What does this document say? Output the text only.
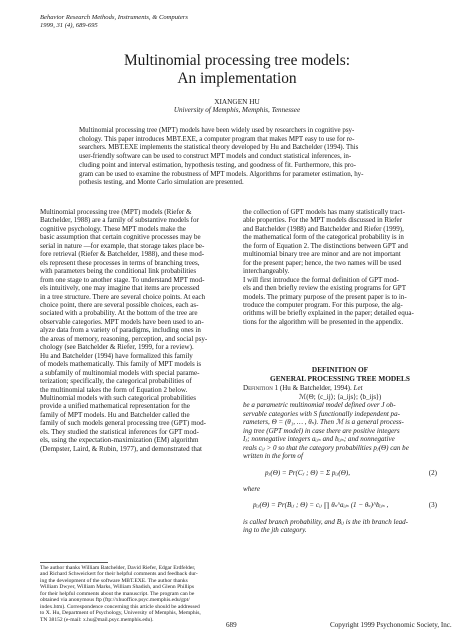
Behavior Research Methods, Instruments, & Computers
1999, 31 (4), 689-695
Multinomial processing tree models:
An implementation
XIANGEN HU
University of Memphis, Memphis, Tennessee
Multinomial processing tree (MPT) models have been widely used by researchers in cognitive psy-
chology. This paper introduces MBT.EXE, a computer program that makes MPT easy to use for re-
searchers. MBT.EXE implements the statistical theory developed by Hu and Batchelder (1994). This
user-friendly software can be used to construct MPT models and conduct statistical inferences, in-
cluding point and interval estimation, hypothesis testing, and goodness of fit. Furthermore, this pro-
gram can be used to examine the robustness of MPT models. Algorithms for parameter estimation, hy-
pothesis testing, and Monte Carlo simulation are presented.
Multinomial processing tree (MPT) models (Riefer &
Batchelder, 1988) are a family of substantive models for
cognitive psychology. These MPT models make the
basic assumption that certain cognitive processes may be
serial in nature —for example, that storage takes place be-
fore retrieval (Riefer & Batchelder, 1988), and these mod-
els represent these processes in terms of branching trees,
with parameters being the conditional link probabilities
from one stage to another stage. To understand MPT mod-
els intuitively, one may imagine that items are processed
in a tree structure. There are several choice points. At each
choice point, there are several possible choices, each as-
sociated with a probability. At the bottom of the tree are
observable categories. MPT models have been used to an-
alyze data from a variety of paradigms, including ones in
the areas of memory, reasoning, perception, and social psy-
chology (see Batchelder & Riefer, 1999, for a review).
Hu and Batchelder (1994) have formalized this family
of models mathematically. This family of MPT models is
a subfamily of multinomial models with special parame-
terization; specifically, the categorical probabilities of
the multinomial takes the form of Equation 2 below.
Multinomial models with such categorical probabilities
provide a unified mathematical representation for the
family of MPT models. Hu and Batchelder called the
family of such models general processing tree (GPT) mod-
els. They studied the statistical inferences for GPT mod-
els, using the expectation-maximization (EM) algorithm
(Dempster, Laird, & Rubin, 1977), and demonstrated that
the collection of GPT models has many statistically tract-
able properties. For the MPT models discussed in Riefer
and Batchelder (1988) and Batchelder and Riefer (1999),
the mathematical form of the categorical probability is in
the form of Equation 2. The distinctions between GPT and
multinomial binary tree are minor and are not important
for the present paper; hence, the two names will be used
interchangeably.
I will first introduce the formal definition of GPT mod-
els and then briefly review the existing programs for GPT
models. The primary purpose of the present paper is to in-
troduce the computer program. For this purpose, the alg-
orithms will be briefly explained in the paper; detailed equa-
tions for the algorithm will be presented in the appendix.
DEFINITION OF
GENERAL PROCESSING TREE MODELS
Definition 1 (Hu & Batchelder, 1994). Let
ℳ(Θ; ⟨c_ij⟩; ⟨a_ijs⟩; ⟨b_ijs⟩)
be a parametric multinomial model defined over J ob-
servable categories with S functionally independent pa-
rameters, Θ = (θ₁, … , θₛ). Then ℳ is a general process-
ing tree (GPT model) in case there are positive integers
Iⱼ; nonnegative integers aᵢⱼₛ and bᵢⱼₛ; and nonnegative
reals cᵢⱼ > 0 so that the category probabilities pⱼ(Θ) can be
written in the form of
pⱼ(Θ) = Pr(Cⱼ ; Θ) = Σ pᵢⱼ(Θ),	(2)
where
pᵢⱼ(Θ) = Pr(Bᵢⱼ ; Θ) = cᵢⱼ ∏ θₛ^aᵢⱼₛ (1 − θₛ)^bᵢⱼₛ ,	(3)
is called branch probability, and Bᵢⱼ is the ith branch lead-
ing to the jth category.
The author thanks William Batchelder, David Riefer, Edgar Erdfelder,
and Richard Schweickert for their helpful comments and feedback dur-
ing the development of the software MBT.EXE. The author thanks
William Dwyer, William Marks, William Shadish, and Glenn Phillips
for their helpful comments about the manuscript. The program can be
obtained via anonymous ftp (ftp://xhuoffice.psyc.memphis.edu/gpt/
index.htm). Correspondence concerning this article should be addressed
to X. Hu, Department of Psychology, University of Memphis, Memphis,
TN 38152 (e-mail: x.hu@mail.psyc.memphis.edu).
689	Copyright 1999 Psychonomic Society, Inc.
